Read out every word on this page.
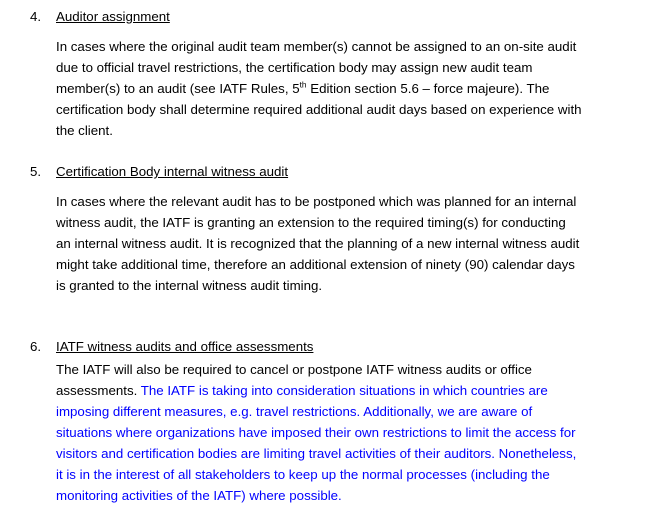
4.	Auditor assignment
In cases where the original audit team member(s) cannot be assigned to an on-site audit
due to official travel restrictions, the certification body may assign new audit team
member(s) to an audit (see IATF Rules, 5th Edition section 5.6 – force majeure). The
certification body shall determine required additional audit days based on experience with
the client.
5.	Certification Body internal witness audit
In cases where the relevant audit has to be postponed which was planned for an internal
witness audit, the IATF is granting an extension to the required timing(s) for conducting
an internal witness audit. It is recognized that the planning of a new internal witness audit
might take additional time, therefore an additional extension of ninety (90) calendar days
is granted to the internal witness audit timing.
6.	IATF witness audits and office assessments
The IATF will also be required to cancel or postpone IATF witness audits or office
assessments. The IATF is taking into consideration situations in which countries are
imposing different measures, e.g. travel restrictions. Additionally, we are aware of
situations where organizations have imposed their own restrictions to limit the access for
visitors and certification bodies are limiting travel activities of their auditors. Nonetheless,
it is in the interest of all stakeholders to keep up the normal processes (including the
monitoring activities of the IATF) where possible.
